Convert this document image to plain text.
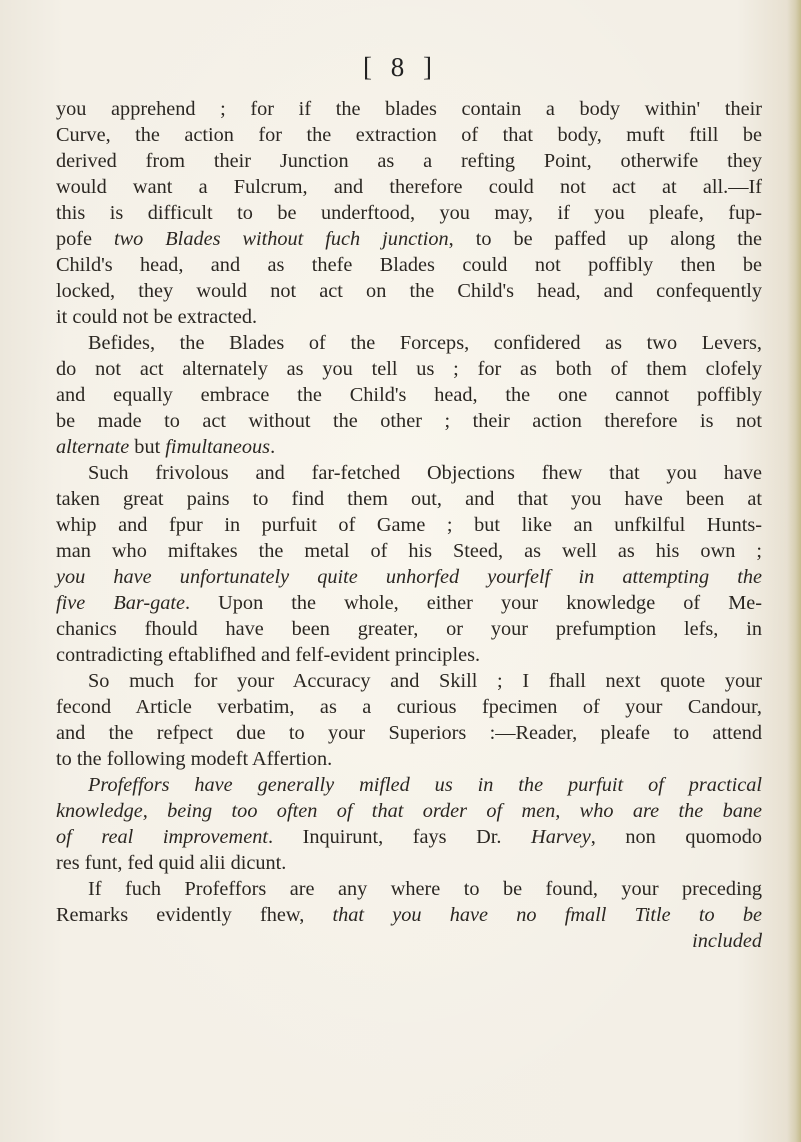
[ 8 ]

you apprehend ; for if the blades contain a body within' their

Curve, the action for the extraction of that body, muft ftill be

derived from their Junction as a refting Point, otherwife they

would want a Fulcrum, and therefore could not act at all.—If

this is difficult to be underftood, you may, if you pleafe, fup-

pofe two Blades without fuch junction, to be paffed up along the

Child's head, and as thefe Blades could not poffibly then be

locked, they would not act on the Child's head, and confequently

it could not be extracted.

Befides, the Blades of the Forceps, confidered as two Levers,

do not act alternately as you tell us ; for as both of them clofely

and equally embrace the Child's head, the one cannot poffibly

be made to act without the other ; their action therefore is not

alternate but fimultaneous.

Such frivolous and far-fetched Objections fhew that you have

taken great pains to find them out, and that you have been at

whip and fpur in purfuit of Game ; but like an unfkilful Hunts-

man who miftakes the metal of his Steed, as well as his own ;

you have unfortunately quite unhorfed yourfelf in attempting the

five Bar-gate. Upon the whole, either your knowledge of Me-

chanics fhould have been greater, or your prefumption lefs, in

contradicting eftablifhed and felf-evident principles.

So much for your Accuracy and Skill ; I fhall next quote your

fecond Article verbatim, as a curious fpecimen of your Candour,

and the refpect due to your Superiors :—Reader, pleafe to attend

to the following modeft Affertion.

Profeffors have generally mifled us in the purfuit of practical

knowledge, being too often of that order of men, who are the bane

of real improvement. Inquirunt, fays Dr. Harvey, non quomodo

res funt, fed quid alii dicunt.

If fuch Profeffors are any where to be found, your preceding

Remarks evidently fhew, that you have no fmall Title to be

included
